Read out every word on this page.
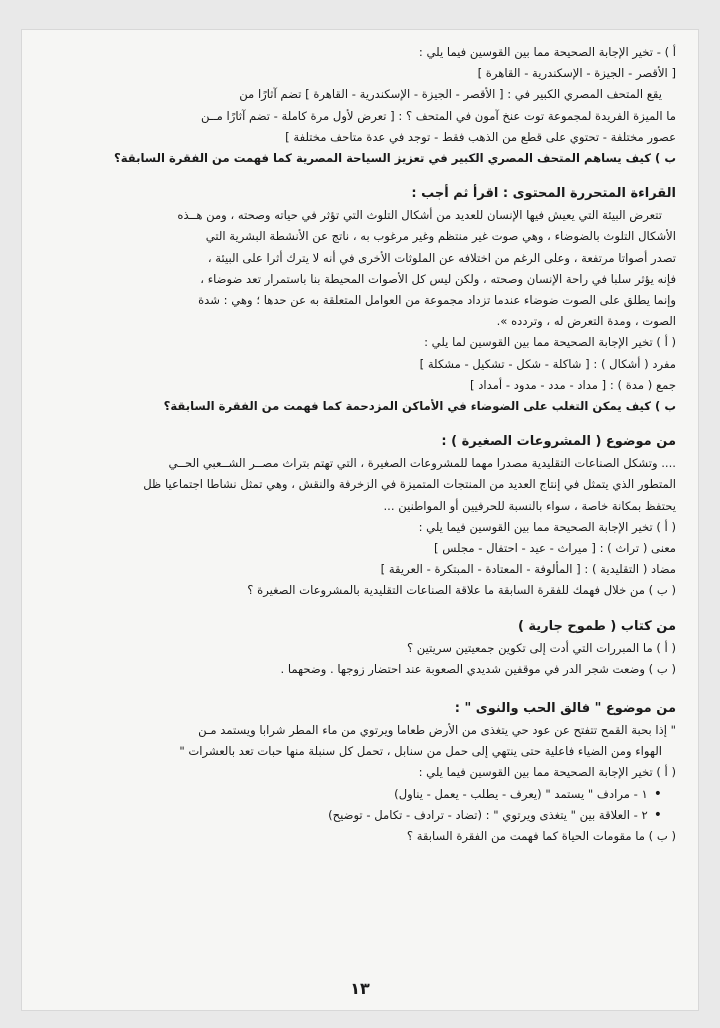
أ ) - تخير الإجابة الصحيحة مما بين القوسين فيما يلي :

[ الأقصر - الجيزة - الإسكندرية - القاهرة ]

يقع المتحف المصري الكبير في : [ الأقصر - الجيزة - الإسكندرية - القاهرة ] تضم آثارًا من

ما الميزة الفريدة لمجموعة توت عنخ آمون في المتحف ؟ : [ تعرض لأول مرة كاملة - تضم آثارًا مــن

عصور مختلفة - تحتوي على قطع من الذهب فقط - توجد في عدة متاحف مختلفة ]

ب ) كيف يساهم المتحف المصري الكبير في تعزيز السياحة المصرية كما فهمت من الفقرة السابقة؟

القراءة المتحررة المحتوى : اقرأ ثم أجب :

تتعرض البيئة التي يعيش فيها الإنسان للعديد من أشكال التلوث التي تؤثر في حياته وصحته ، ومن هــذه

الأشكال التلوث بالضوضاء ، وهي صوت غير منتظم وغير مرغوب به ، ناتج عن الأنشطة البشرية التي

تصدر أصواتا مرتفعة ، وعلى الرغم من اختلافه عن الملوثات الأخرى في أنه لا يترك أثرا على البيئة ،

فإنه يؤثر سلبا في راحة الإنسان وصحته ، ولكن ليس كل الأصوات المحيطة بنا باستمرار تعد ضوضاء ،

وإنما يطلق على الصوت ضوضاء عندما تزداد مجموعة من العوامل المتعلقة به عن حدها ؛ وهي : شدة

الصوت ، ومدة التعرض له ، وتردده ».

( أ ) تخير الإجابة الصحيحة مما بين القوسين لما يلي :

مفرد ( أشكال ) : [ شاكلة - شكل - تشكيل - مشكلة ]

جمع ( مدة ) : [ مداد - مدد - مدود - أمداد ]

ب ) كيف يمكن التغلب على الضوضاء في الأماكن المزدحمة كما فهمت من الفقرة السابقة؟

من موضوع ( المشروعات الصغيرة ) :

.... وتشكل الصناعات التقليدية مصدرا مهما للمشروعات الصغيرة ، التي تهتم بتراث مصــر الشــعبي الحــي

المتطور الذي يتمثل في إنتاج العديد من المنتجات المتميزة في الزخرفة والنقش ، وهي تمثل نشاطا اجتماعيا ظل

يحتفظ بمكانة خاصة ، سواء بالنسبة للحرفيين أو المواطنين ...

( أ ) تخير الإجابة الصحيحة مما بين القوسين فيما يلي :

معنى ( تراث ) : [ ميراث - عيد - احتفال - مجلس ]

مضاد ( التقليدية ) : [ المألوفة - المعتادة - المبتكرة - العريقة ]

( ب ) من خلال فهمك للفقرة السابقة ما علاقة الصناعات التقليدية بالمشروعات الصغيرة ؟

من كتاب ( طموح جارية )

( أ ) ما المبررات التي أدت إلى تكوين جمعيتين سريتين ؟

( ب ) وضعت شجر الدر في موقفين شديدي الصعوبة عند احتضار زوجها . وضحهما .

من موضوع " فالق الحب والنوى " :

" إذا بحبة القمح تتفتح عن عود حي يتغذى من الأرض طعاما ويرتوي من ماء المطر شرابا ويستمد مـن

الهواء ومن الضياء فاعلية حتى ينتهي إلى حمل من سنابل ، تحمل كل سنبلة منها حبات تعد بالعشرات "

( أ ) تخير الإجابة الصحيحة مما بين القوسين فيما يلي :

• ١ - مرادف " يستمد " (يعرف - يطلب - يعمل - يناول)

• ٢ - العلاقة بين " يتغذى ويرتوي " : (تضاد - ترادف - تكامل - توضيح)

( ب ) ما مقومات الحياة كما فهمت من الفقرة السابقة ؟

١٣
